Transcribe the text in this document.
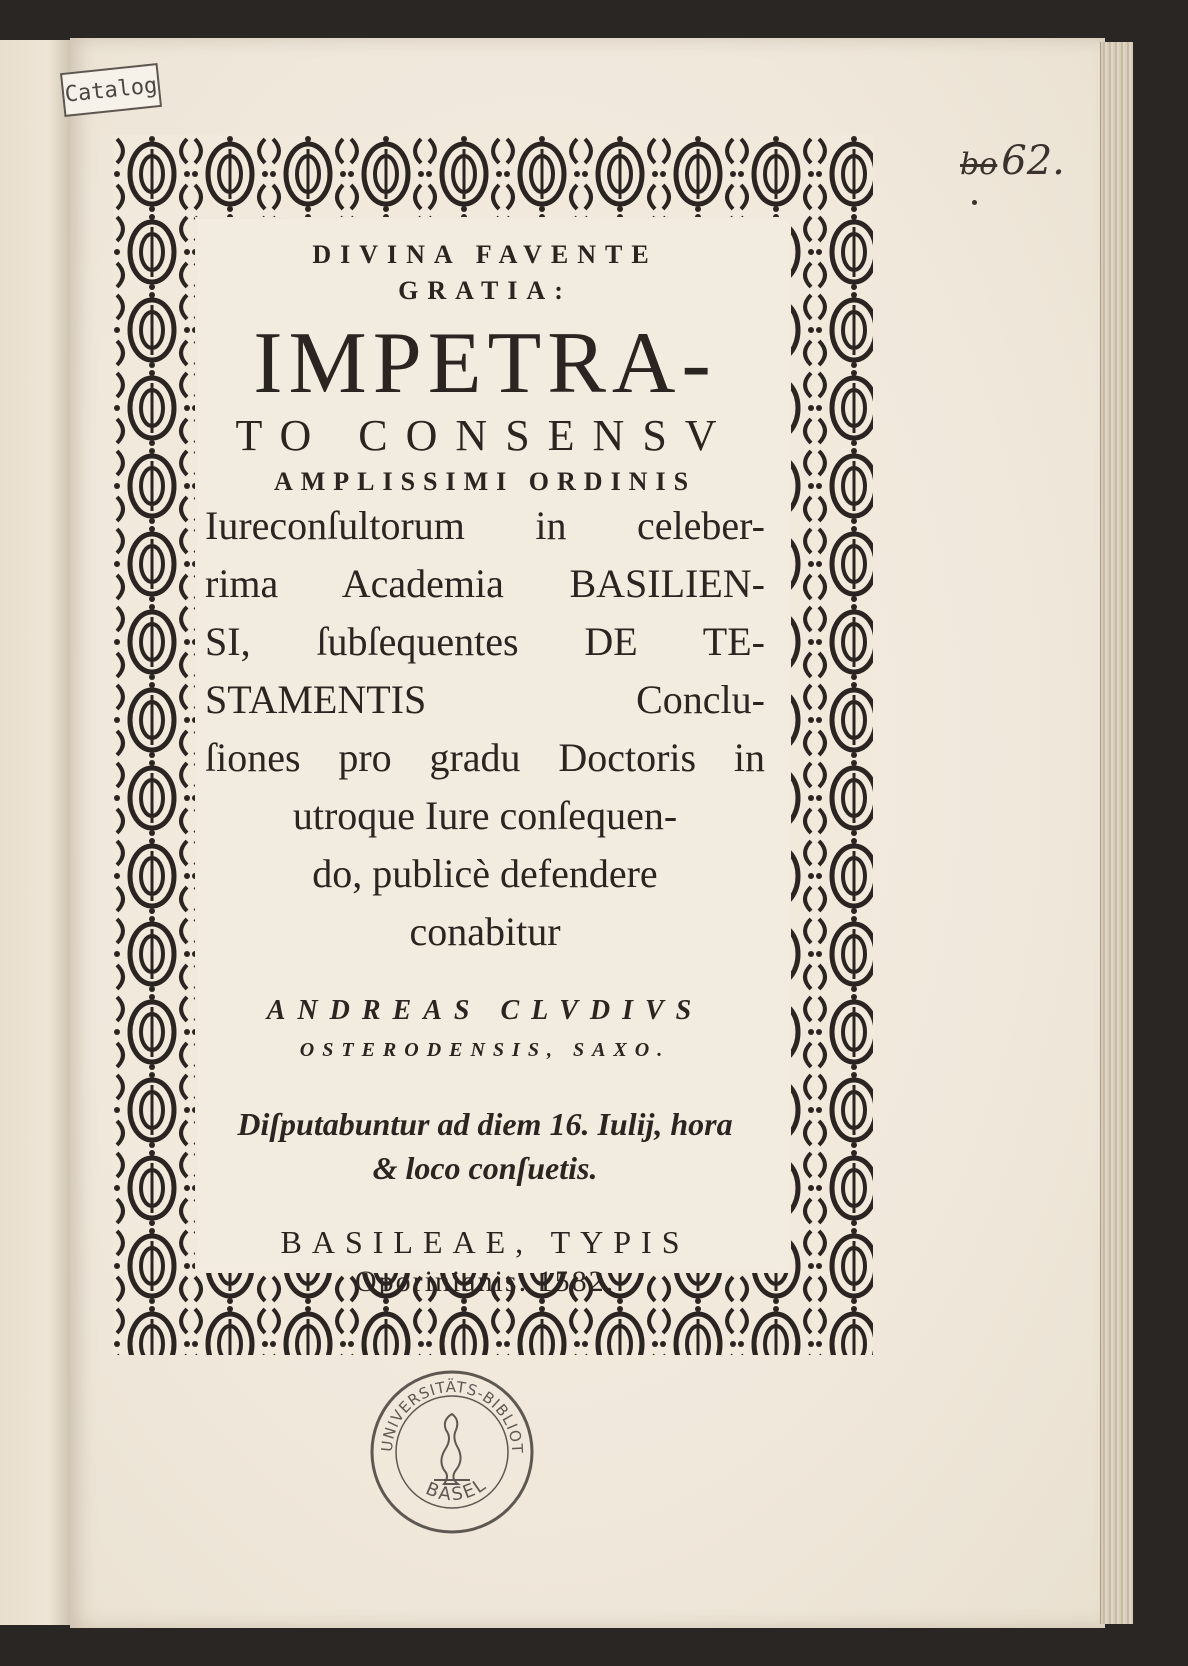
Catalog
bo 62.
DIVINA FAVENTE
GRATIA:
IMPETRA-
TO CONSENSV
AMPLISSIMI ORDINIS
Iureconſultorum in celeber-
rima Academia BASILIEN-
SI, ſubſequentes DE TE-
STAMENTIS Conclu-
ſiones pro gradu Doctoris in
utroque Iure conſequen-
do, publicè defendere
conabitur
ANDREAS CLVDIVS
OSTERODENSIS, SAXO.
Diſputabuntur ad diem 16. Iulij, hora
& loco conſuetis.
BASILEAE, TYPIS
Oporinianis. 1582.
UNIVERSITÄTS-BIBLIOT
BASEL
